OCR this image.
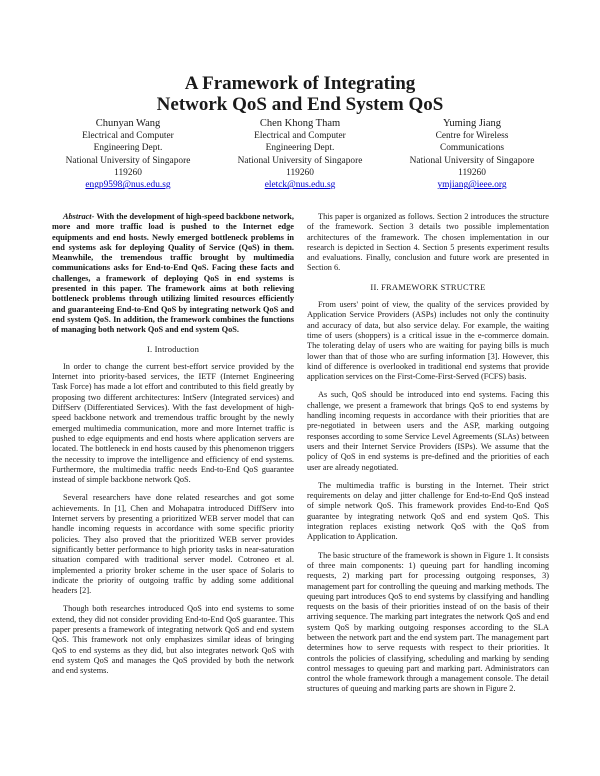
A Framework of Integrating
Network QoS and End System QoS
Chunyan Wang
Electrical and Computer
Engineering Dept.
National University of Singapore
119260
engp9598@nus.edu.sg
Chen Khong Tham
Electrical and Computer
Engineering Dept.
National University of Singapore
119260
eletck@nus.edu.sg
Yuming Jiang
Centre for Wireless
Communications
National University of Singapore
119260
ymjiang@ieee.org

Abstract- With the development of high-speed backbone network, more and more traffic load is pushed to the Internet edge equipments and end hosts. Newly emerged bottleneck problems in end systems ask for deploying Quality of Service (QoS) in them. Meanwhile, the tremendous traffic brought by multimedia communications asks for End-to-End QoS. Facing these facts and challenges, a framework of deploying QoS in end systems is presented in this paper. The framework aims at both relieving bottleneck problems through utilizing limited resources efficiently and guaranteeing End-to-End QoS by integrating network QoS and end system QoS. In addition, the framework combines the functions of managing both network QoS and end system QoS.

I. Introduction

In order to change the current best-effort service provided by the Internet into priority-based services, the IETF (Internet Engineering Task Force) has made a lot effort and contributed to this field greatly by proposing two different architectures: IntServ (Integrated services) and DiffServ (Differentiated Services). With the fast development of high-speed backbone network and tremendous traffic brought by the newly emerged multimedia communication, more and more Internet traffic is pushed to edge equipments and end hosts where application servers are located. The bottleneck in end hosts caused by this phenomenon triggers the necessity to improve the intelligence and efficiency of end systems. Furthermore, the multimedia traffic needs End-to-End QoS guarantee instead of simple backbone network QoS.

Several researchers have done related researches and got some achievements. In [1], Chen and Mohapatra introduced DiffServ into Internet servers by presenting a prioritized WEB server model that can handle incoming requests in accordance with some specific priority policies. They also proved that the prioritized WEB server provides significantly better performance to high priority tasks in near-saturation situation compared with traditional server model. Cotroneo et al. implemented a priority broker scheme in the user space of Solaris to indicate the priority of outgoing traffic by adding some additional headers [2].

Though both researches introduced QoS into end systems to some extend, they did not consider providing End-to-End QoS guarantee. This paper presents a framework of integrating network QoS and end system QoS. This framework not only emphasizes similar ideas of bringing QoS to end systems as they did, but also integrates network QoS with end system QoS and manages the QoS provided by both the network and end systems.

This paper is organized as follows. Section 2 introduces the structure of the framework. Section 3 details two possible implementation architectures of the framework. The chosen implementation in our research is depicted in Section 4. Section 5 presents experiment results and evaluations. Finally, conclusion and future work are presented in Section 6.

II. FRAMEWORK STRUCTRE

From users' point of view, the quality of the services provided by Application Service Providers (ASPs) includes not only the continuity and accuracy of data, but also service delay. For example, the waiting time of users (shoppers) is a critical issue in the e-commerce domain. The tolerating delay of users who are waiting for paying bills is much lower than that of those who are surfing information [3]. However, this kind of difference is overlooked in traditional end systems that provide application services on the First-Come-First-Served (FCFS) basis.

As such, QoS should be introduced into end systems. Facing this challenge, we present a framework that brings QoS to end systems by handling incoming requests in accordance with their priorities that are pre-negotiated in between users and the ASP, marking outgoing responses according to some Service Level Agreements (SLAs) between users and their Internet Service Providers (ISPs). We assume that the policy of QoS in end systems is pre-defined and the priorities of each user are already negotiated.

The multimedia traffic is bursting in the Internet. Their strict requirements on delay and jitter challenge for End-to-End QoS instead of simple network QoS. This framework provides End-to-End QoS guarantee by integrating network QoS and end system QoS. This integration replaces existing network QoS with the QoS from Application to Application.

The basic structure of the framework is shown in Figure 1. It consists of three main components: 1) queuing part for handling incoming requests, 2) marking part for processing outgoing responses, 3) management part for controlling the queuing and marking methods. The queuing part introduces QoS to end systems by classifying and handling requests on the basis of their priorities instead of on the basis of their arriving sequence. The marking part integrates the network QoS and end system QoS by marking outgoing responses according to the SLA between the network part and the end system part. The management part determines how to serve requests with respect to their priorities. It controls the policies of classifying, scheduling and marking by sending control messages to queuing part and marking part. Administrators can control the whole framework through a management console. The detail structures of queuing and marking parts are shown in Figure 2.
